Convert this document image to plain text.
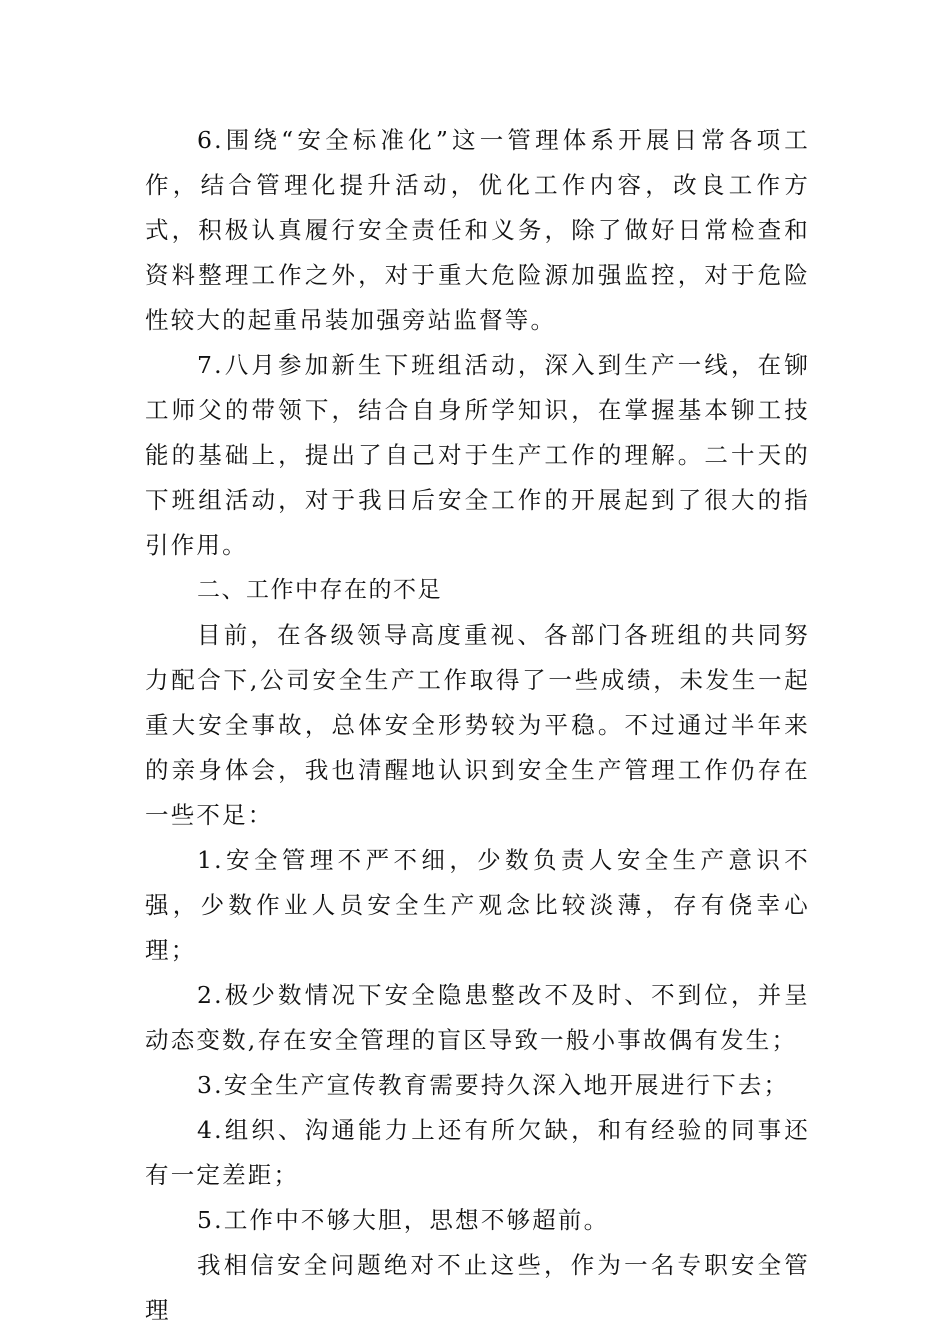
6.围绕“安全标准化”这一管理体系开展日常各项工作，结合管理化提升活动，优化工作内容，改良工作方式，积极认真履行安全责任和义务，除了做好日常检查和资料整理工作之外，对于重大危险源加强监控，对于危险性较大的起重吊装加强旁站监督等。

7.八月参加新生下班组活动，深入到生产一线，在铆工师父的带领下，结合自身所学知识，在掌握基本铆工技能的基础上，提出了自己对于生产工作的理解。二十天的下班组活动，对于我日后安全工作的开展起到了很大的指引作用。

二、工作中存在的不足

目前，在各级领导高度重视、各部门各班组的共同努力配合下,公司安全生产工作取得了一些成绩，未发生一起重大安全事故，总体安全形势较为平稳。不过通过半年来的亲身体会，我也清醒地认识到安全生产管理工作仍存在一些不足：

1.安全管理不严不细，少数负责人安全生产意识不强，少数作业人员安全生产观念比较淡薄，存有侥幸心理；

2.极少数情况下安全隐患整改不及时、不到位，并呈动态变数,存在安全管理的盲区导致一般小事故偶有发生；

3.安全生产宣传教育需要持久深入地开展进行下去；

4.组织、沟通能力上还有所欠缺，和有经验的同事还有一定差距；

5.工作中不够大胆，思想不够超前。

我相信安全问题绝对不止这些，作为一名专职安全管理
